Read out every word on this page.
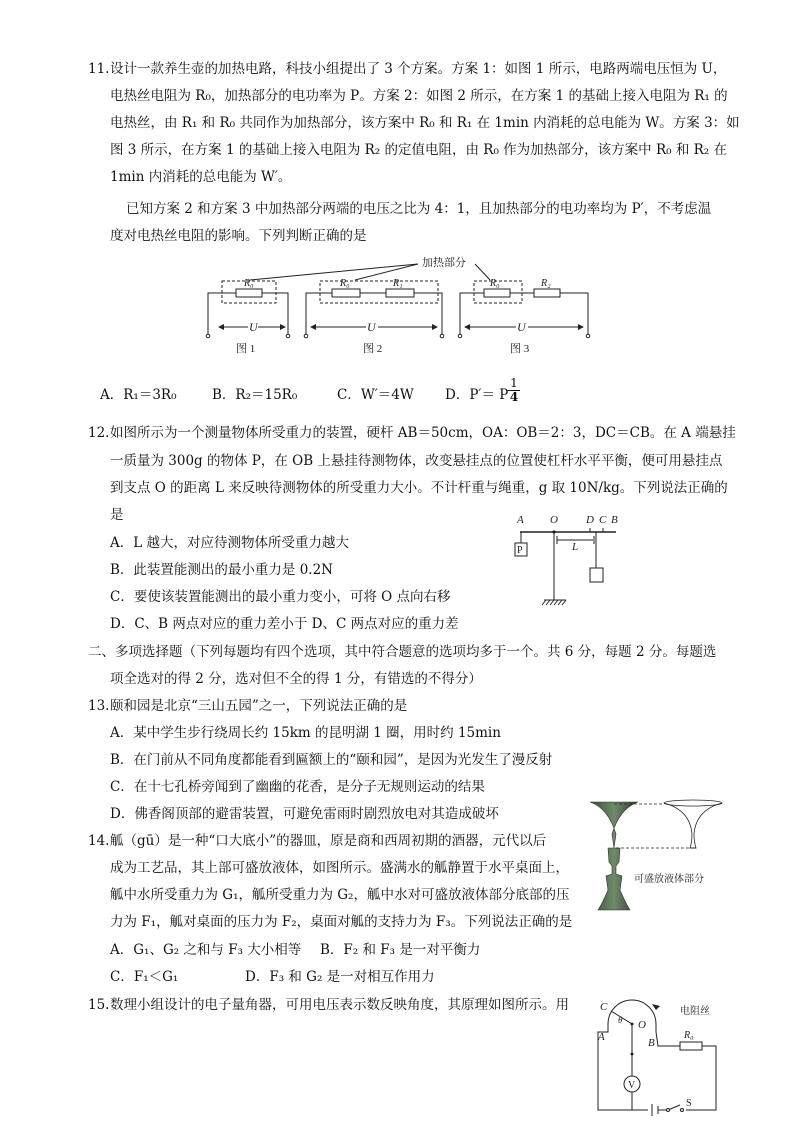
11. 设计一款养生壶的加热电路，科技小组提出了 3 个方案。方案 1：如图 1 所示，电路两端电压恒为 U，
电热丝电阻为 R₀，加热部分的电功率为 P。方案 2：如图 2 所示，在方案 1 的基础上接入电阻为 R₁ 的
电热丝，由 R₁ 和 R₀ 共同作为加热部分，该方案中 R₀ 和 R₁ 在 1min 内消耗的总电能为 W。方案 3：如
图 3 所示，在方案 1 的基础上接入电阻为 R₂ 的定值电阻，由 R₀ 作为加热部分，该方案中 R₀ 和 R₂ 在
1min 内消耗的总电能为 W′。
已知方案 2 和方案 3 中加热部分两端的电压之比为 4：1，且加热部分的电功率均为 P′，不考虑温
度对电热丝电阻的影响。下列判断正确的是
加热部分
R₀	R₀	R₁	R₀	R₂
U	U	U
图 1	图 2	图 3
A．R₁＝3R₀	B．R₂＝15R₀	C．W′＝4W D．P′＝ P $\frac{1}{4}$
12. 如图所示为一个测量物体所受重力的装置，硬杆 AB＝50cm，OA：OB＝2：3，DC＝CB。在 A 端悬挂
一质量为 300g 的物体 P，在 OB 上悬挂待测物体，改变悬挂点的位置使杠杆水平平衡，便可用悬挂点
到支点 O 的距离 L 来反映待测物体的所受重力大小。不计杆重与绳重，g 取 10N/kg。下列说法正确的
是
A．L 越大，对应待测物体所受重力越大
B．此装置能测出的最小重力是 0.2N
C．要使该装置能测出的最小重力变小，可将 O 点向右移
D．C、B 两点对应的重力差小于 D、C 两点对应的重力差
A O	D C B
P	L
二、多项选择题（下列每题均有四个选项，其中符合题意的选项均多于一个。共 6 分，每题 2 分。每题选
项全选对的得 2 分，选对但不全的得 1 分，有错选的不得分）
13. 颐和园是北京“三山五园”之一，下列说法正确的是
A．某中学生步行绕周长约 15km 的昆明湖 1 圈，用时约 15min
B．在门前从不同角度都能看到匾额上的“颐和园”，是因为光发生了漫反射
C．在十七孔桥旁闻到了幽幽的花香，是分子无规则运动的结果
D．佛香阁顶部的避雷装置，可避免雷雨时剧烈放电对其造成破坏
14. 觚（gū）是一种“口大底小”的器皿，原是商和西周初期的酒器，元代以后
成为工艺品，其上部可盛放液体，如图所示。盛满水的觚静置于水平桌面上，
觚中水所受重力为 G₁，觚所受重力为 G₂，觚中水对可盛放液体部分底部的压
力为 F₁，觚对桌面的压力为 F₂，桌面对觚的支持力为 F₃。下列说法正确的是
A．G₁、G₂ 之和与 F₃ 大小相等 B．F₂ 和 F₃ 是一对平衡力
C．F₁＜G₁	D．F₃ 和 G₂ 是一对相互作用力
可盛放液体部分
15. 数理小组设计的电子量角器，可用电压表示数反映角度，其原理如图所示。用	C
θ O
A	B
电阻丝
R₀
V
S
